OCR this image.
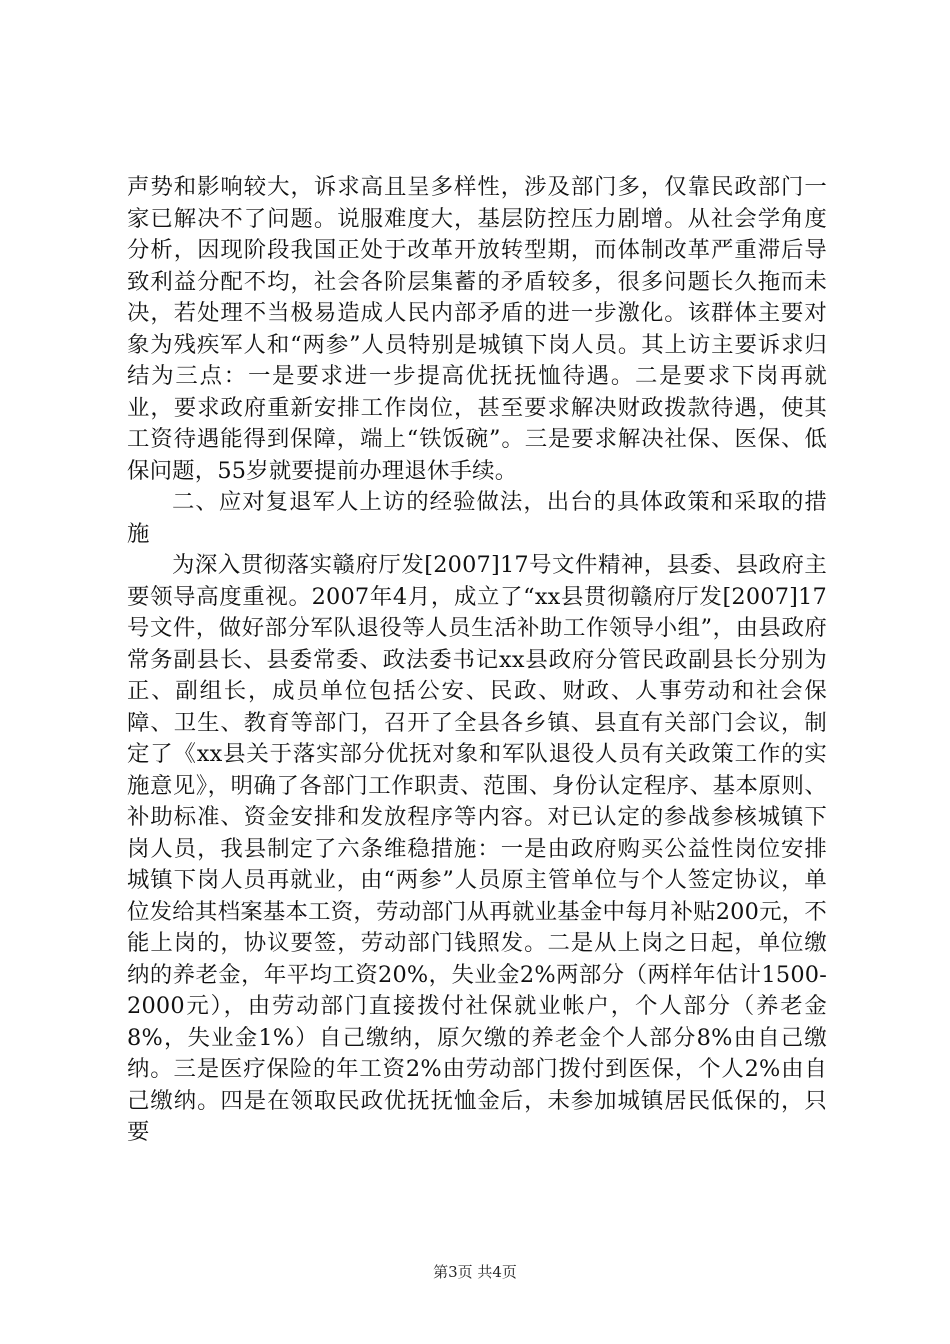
声势和影响较大，诉求高且呈多样性，涉及部门多，仅靠民政部门一家已解决不了问题。说服难度大，基层防控压力剧增。从社会学角度分析，因现阶段我国正处于改革开放转型期，而体制改革严重滞后导致利益分配不均，社会各阶层集蓄的矛盾较多，很多问题长久拖而未决，若处理不当极易造成人民内部矛盾的进一步激化。该群体主要对象为残疾军人和“两参”人员特别是城镇下岗人员。其上访主要诉求归结为三点：一是要求进一步提高优抚抚恤待遇。二是要求下岗再就业，要求政府重新安排工作岗位，甚至要求解决财政拨款待遇，使其工资待遇能得到保障，端上“铁饭碗”。三是要求解决社保、医保、低保问题，55岁就要提前办理退休手续。

二、应对复退军人上访的经验做法，出台的具体政策和采取的措施

为深入贯彻落实赣府厅发[2007]17号文件精神，县委、县政府主要领导高度重视。2007年4月，成立了“xx县贯彻赣府厅发[2007]17号文件，做好部分军队退役等人员生活补助工作领导小组”，由县政府常务副县长、县委常委、政法委书记xx县政府分管民政副县长分别为正、副组长，成员单位包括公安、民政、财政、人事劳动和社会保障、卫生、教育等部门，召开了全县各乡镇、县直有关部门会议，制定了《xx县关于落实部分优抚对象和军队退役人员有关政策工作的实施意见》，明确了各部门工作职责、范围、身份认定程序、基本原则、补助标准、资金安排和发放程序等内容。对已认定的参战参核城镇下岗人员，我县制定了六条维稳措施：一是由政府购买公益性岗位安排城镇下岗人员再就业，由“两参”人员原主管单位与个人签定协议，单位发给其档案基本工资，劳动部门从再就业基金中每月补贴200元，不能上岗的，协议要签，劳动部门钱照发。二是从上岗之日起，单位缴纳的养老金，年平均工资20%，失业金2%两部分（两样年估计1500-2000元），由劳动部门直接拨付社保就业帐户，个人部分（养老金8%，失业金1%）自己缴纳，原欠缴的养老金个人部分8%由自己缴纳。三是医疗保险的年工资2%由劳动部门拨付到医保，个人2%由自己缴纳。四是在领取民政优抚抚恤金后，未参加城镇居民低保的，只要

第3页 共4页
